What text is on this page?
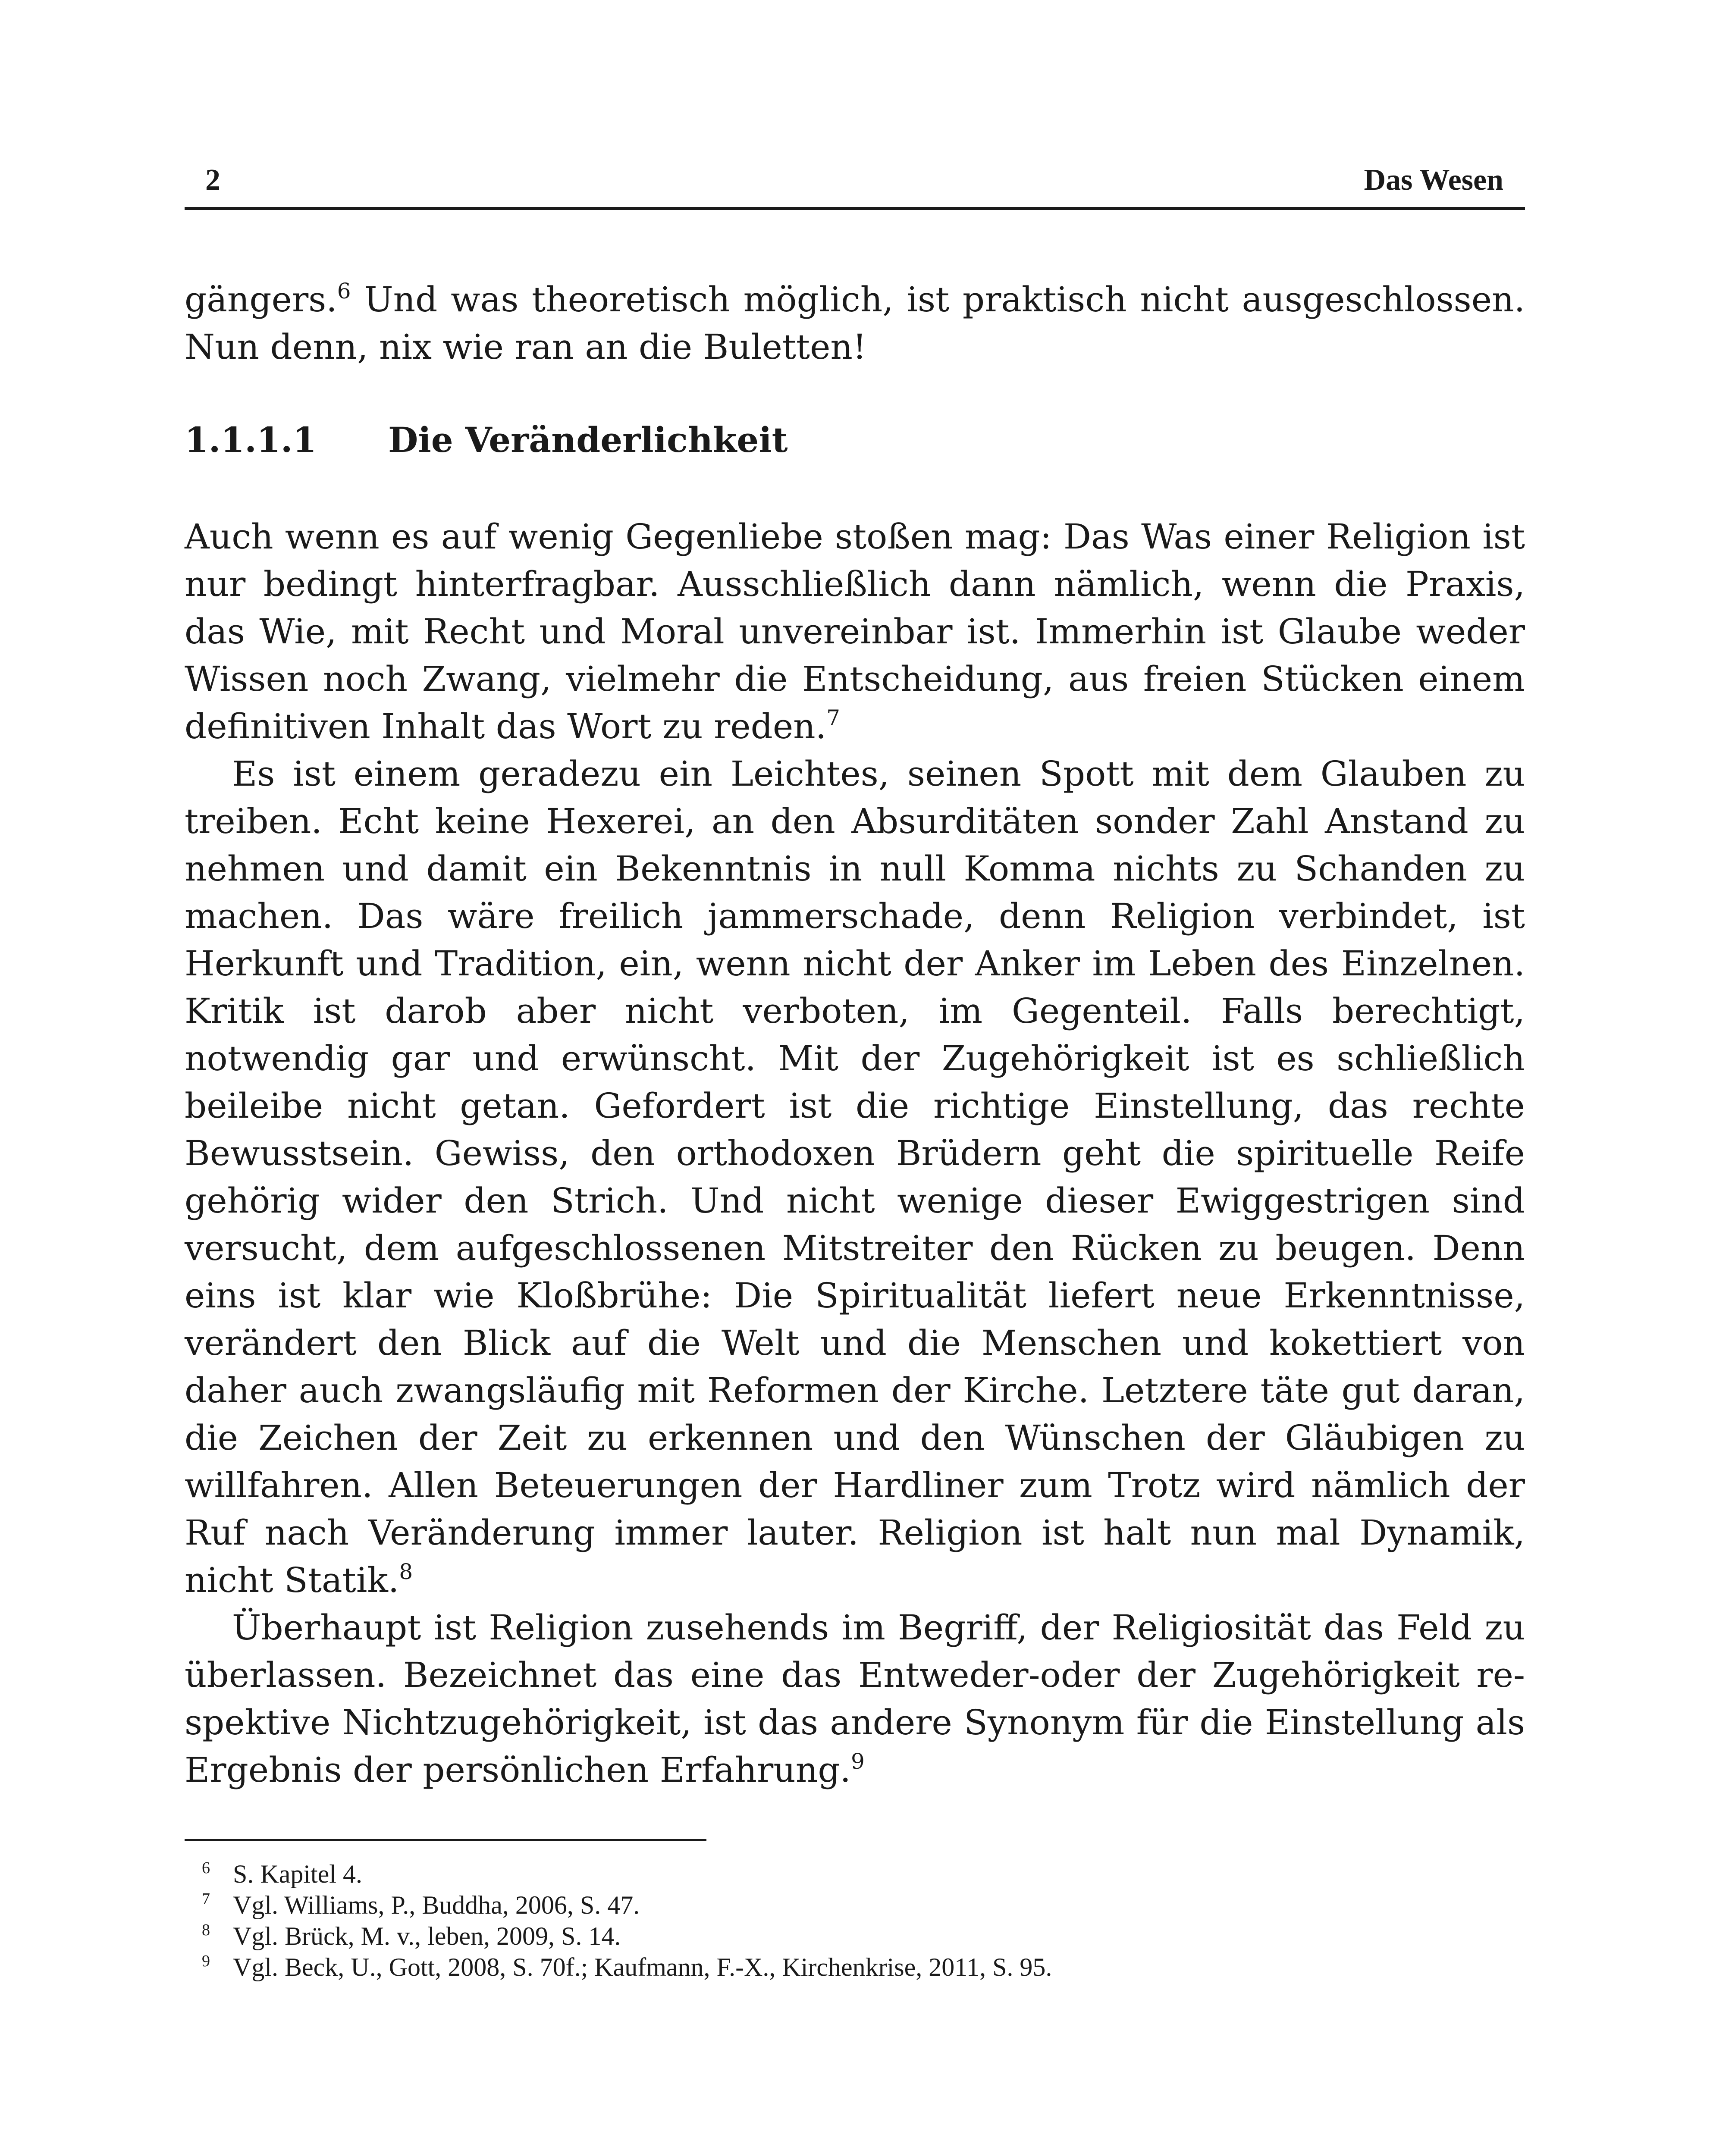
2	Das Wesen

gängers.$^6$ Und was theoretisch möglich, ist praktisch nicht ausgeschlossen. Nun denn, nix wie ran an die Buletten!

1.1.1.1 Die Veränderlichkeit

Auch wenn es auf wenig Gegenliebe stoßen mag: Das Was einer Religion ist nur bedingt hinterfragbar. Ausschließlich dann nämlich, wenn die Praxis, das Wie, mit Recht und Moral unvereinbar ist. Immerhin ist Glaube weder Wissen noch Zwang, vielmehr die Entscheidung, aus freien Stücken einem definitiven Inhalt das Wort zu reden.$^7$

Es ist einem geradezu ein Leichtes, seinen Spott mit dem Glauben zu treiben. Echt keine Hexerei, an den Absurditäten sonder Zahl Anstand zu nehmen und damit ein Bekenntnis in null Komma nichts zu Schanden zu machen. Das wäre freilich jammerschade, denn Religion verbindet, ist Herkunft und Tradition, ein, wenn nicht der Anker im Leben des Einzelnen. Kritik ist darob aber nicht verboten, im Gegenteil. Falls berechtigt, notwendig gar und erwünscht. Mit der Zugehörigkeit ist es schließlich beileibe nicht getan. Gefordert ist die richtige Einstellung, das rechte Bewusstsein. Gewiss, den orthodoxen Brüdern geht die spirituelle Reife gehörig wider den Strich. Und nicht wenige dieser Ewiggestrigen sind versucht, dem aufgeschlossenen Mitstreiter den Rücken zu beugen. Denn eins ist klar wie Kloßbrühe: Die Spiritualität liefert neue Erkenntnisse, verändert den Blick auf die Welt und die Menschen und kokettiert von daher auch zwangsläufig mit Reformen der Kirche. Letztere täte gut daran, die Zeichen der Zeit zu erkennen und den Wünschen der Gläubigen zu willfahren. Allen Beteuerungen der Hardliner zum Trotz wird nämlich der Ruf nach Veränderung immer lauter. Religion ist halt nun mal Dynamik, nicht Statik.$^8$

Überhaupt ist Religion zusehends im Begriff, der Religiosität das Feld zu überlassen. Bezeichnet das eine das Entweder-oder der Zugehörigkeit respektive Nichtzugehörigkeit, ist das andere Synonym für die Einstellung als Ergebnis der persönlichen Erfahrung.$^9$

6 S. Kapitel 4.
7 Vgl. Williams, P., Buddha, 2006, S. 47.
8 Vgl. Brück, M. v., leben, 2009, S. 14.
9 Vgl. Beck, U., Gott, 2008, S. 70f.; Kaufmann, F.-X., Kirchenkrise, 2011, S. 95.
